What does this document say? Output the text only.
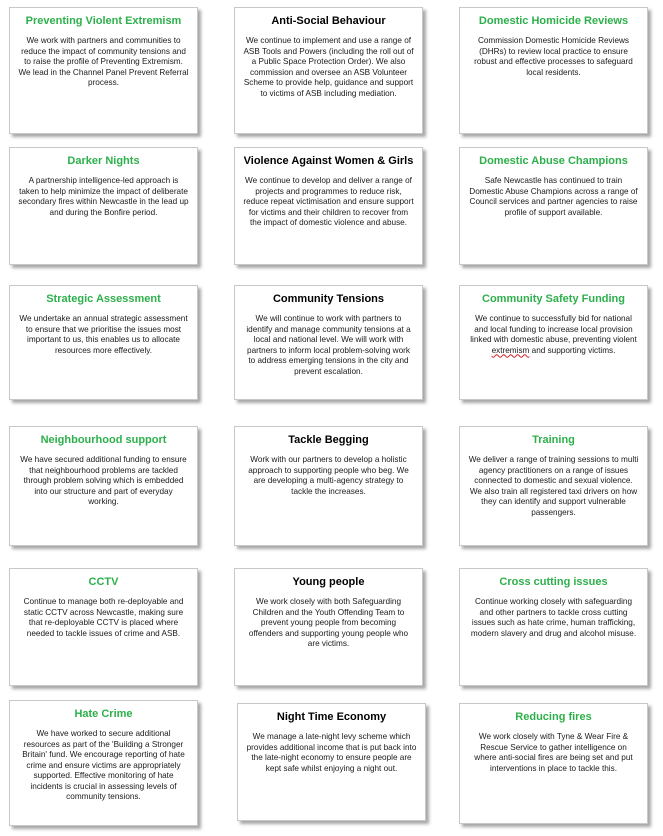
Preventing Violent Extremism

We work with partners and communities to reduce the impact of community tensions and to raise the profile of Preventing Extremism. We lead in the Channel Panel Prevent Referral process.

Anti-Social Behaviour

We continue to implement and use a range of ASB Tools and Powers (including the roll out of a Public Space Protection Order). We also commission and oversee an ASB Volunteer Scheme to provide help, guidance and support to victims of ASB including mediation.

Domestic Homicide Reviews

Commission Domestic Homicide Reviews (DHRs) to review local practice to ensure robust and effective processes to safeguard local residents.

Darker Nights

A partnership intelligence-led approach is taken to help minimize the impact of deliberate secondary fires within Newcastle in the lead up and during the Bonfire period.

Violence Against Women & Girls

We continue to develop and deliver a range of projects and programmes to reduce risk, reduce repeat victimisation and ensure support for victims and their children to recover from the impact of domestic violence and abuse.

Domestic Abuse Champions

Safe Newcastle has continued to train Domestic Abuse Champions across a range of Council services and partner agencies to raise profile of support available.

Strategic Assessment

We undertake an annual strategic assessment to ensure that we prioritise the issues most important to us, this enables us to allocate resources more effectively.

Community Tensions

We will continue to work with partners to identify and manage community tensions at a local and national level. We will work with partners to inform local problem-solving work to address emerging tensions in the city and prevent escalation.

Community Safety Funding

We continue to successfully bid for national and local funding to increase local provision linked with domestic abuse, preventing violent extremism and supporting victims.

Neighbourhood support

We have secured additional funding to ensure that neighbourhood problems are tackled through problem solving which is embedded into our structure and part of everyday working.

Tackle Begging

Work with our partners to develop a holistic approach to supporting people who beg. We are developing a multi-agency strategy to tackle the increases.

Training

We deliver a range of training sessions to multi agency practitioners on a range of issues connected to domestic and sexual violence. We also train all registered taxi drivers on how they can identify and support vulnerable passengers.

CCTV

Continue to manage both re-deployable and static CCTV across Newcastle, making sure that re-deployable CCTV is placed where needed to tackle issues of crime and ASB.

Young people

We work closely with both Safeguarding Children and the Youth Offending Team to prevent young people from becoming offenders and supporting young people who are victims.

Cross cutting issues

Continue working closely with safeguarding and other partners to tackle cross cutting issues such as hate crime, human trafficking, modern slavery and drug and alcohol misuse.

Hate Crime

We have worked to secure additional resources as part of the 'Building a Stronger Britain' fund. We encourage reporting of hate crime and ensure victims are appropriately supported. Effective monitoring of hate incidents is crucial in assessing levels of community tensions.

Night Time Economy

We manage a late-night levy scheme which provides additional income that is put back into the late-night economy to ensure people are kept safe whilst enjoying a night out.

Reducing fires

We work closely with Tyne & Wear Fire & Rescue Service to gather intelligence on where anti-social fires are being set and put interventions in place to tackle this.
